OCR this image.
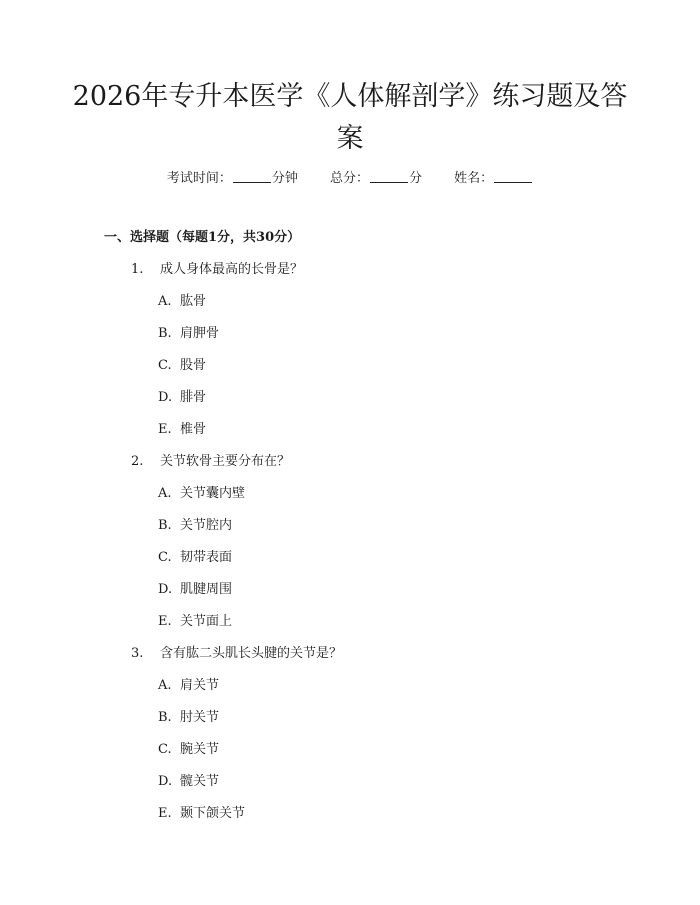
2026年专升本医学《人体解剖学》练习题及答案
考试时间：	分钟 总分：	分 姓名：
一、选择题（每题1分，共30分）
1. 成人身体最高的长骨是？
A. 肱骨
B. 肩胛骨
C. 股骨
D. 腓骨
E. 椎骨
2. 关节软骨主要分布在？
A. 关节囊内壁
B. 关节腔内
C. 韧带表面
D. 肌腱周围
E. 关节面上
3. 含有肱二头肌长头腱的关节是？
A. 肩关节
B. 肘关节
C. 腕关节
D. 髋关节
E. 颞下颌关节
